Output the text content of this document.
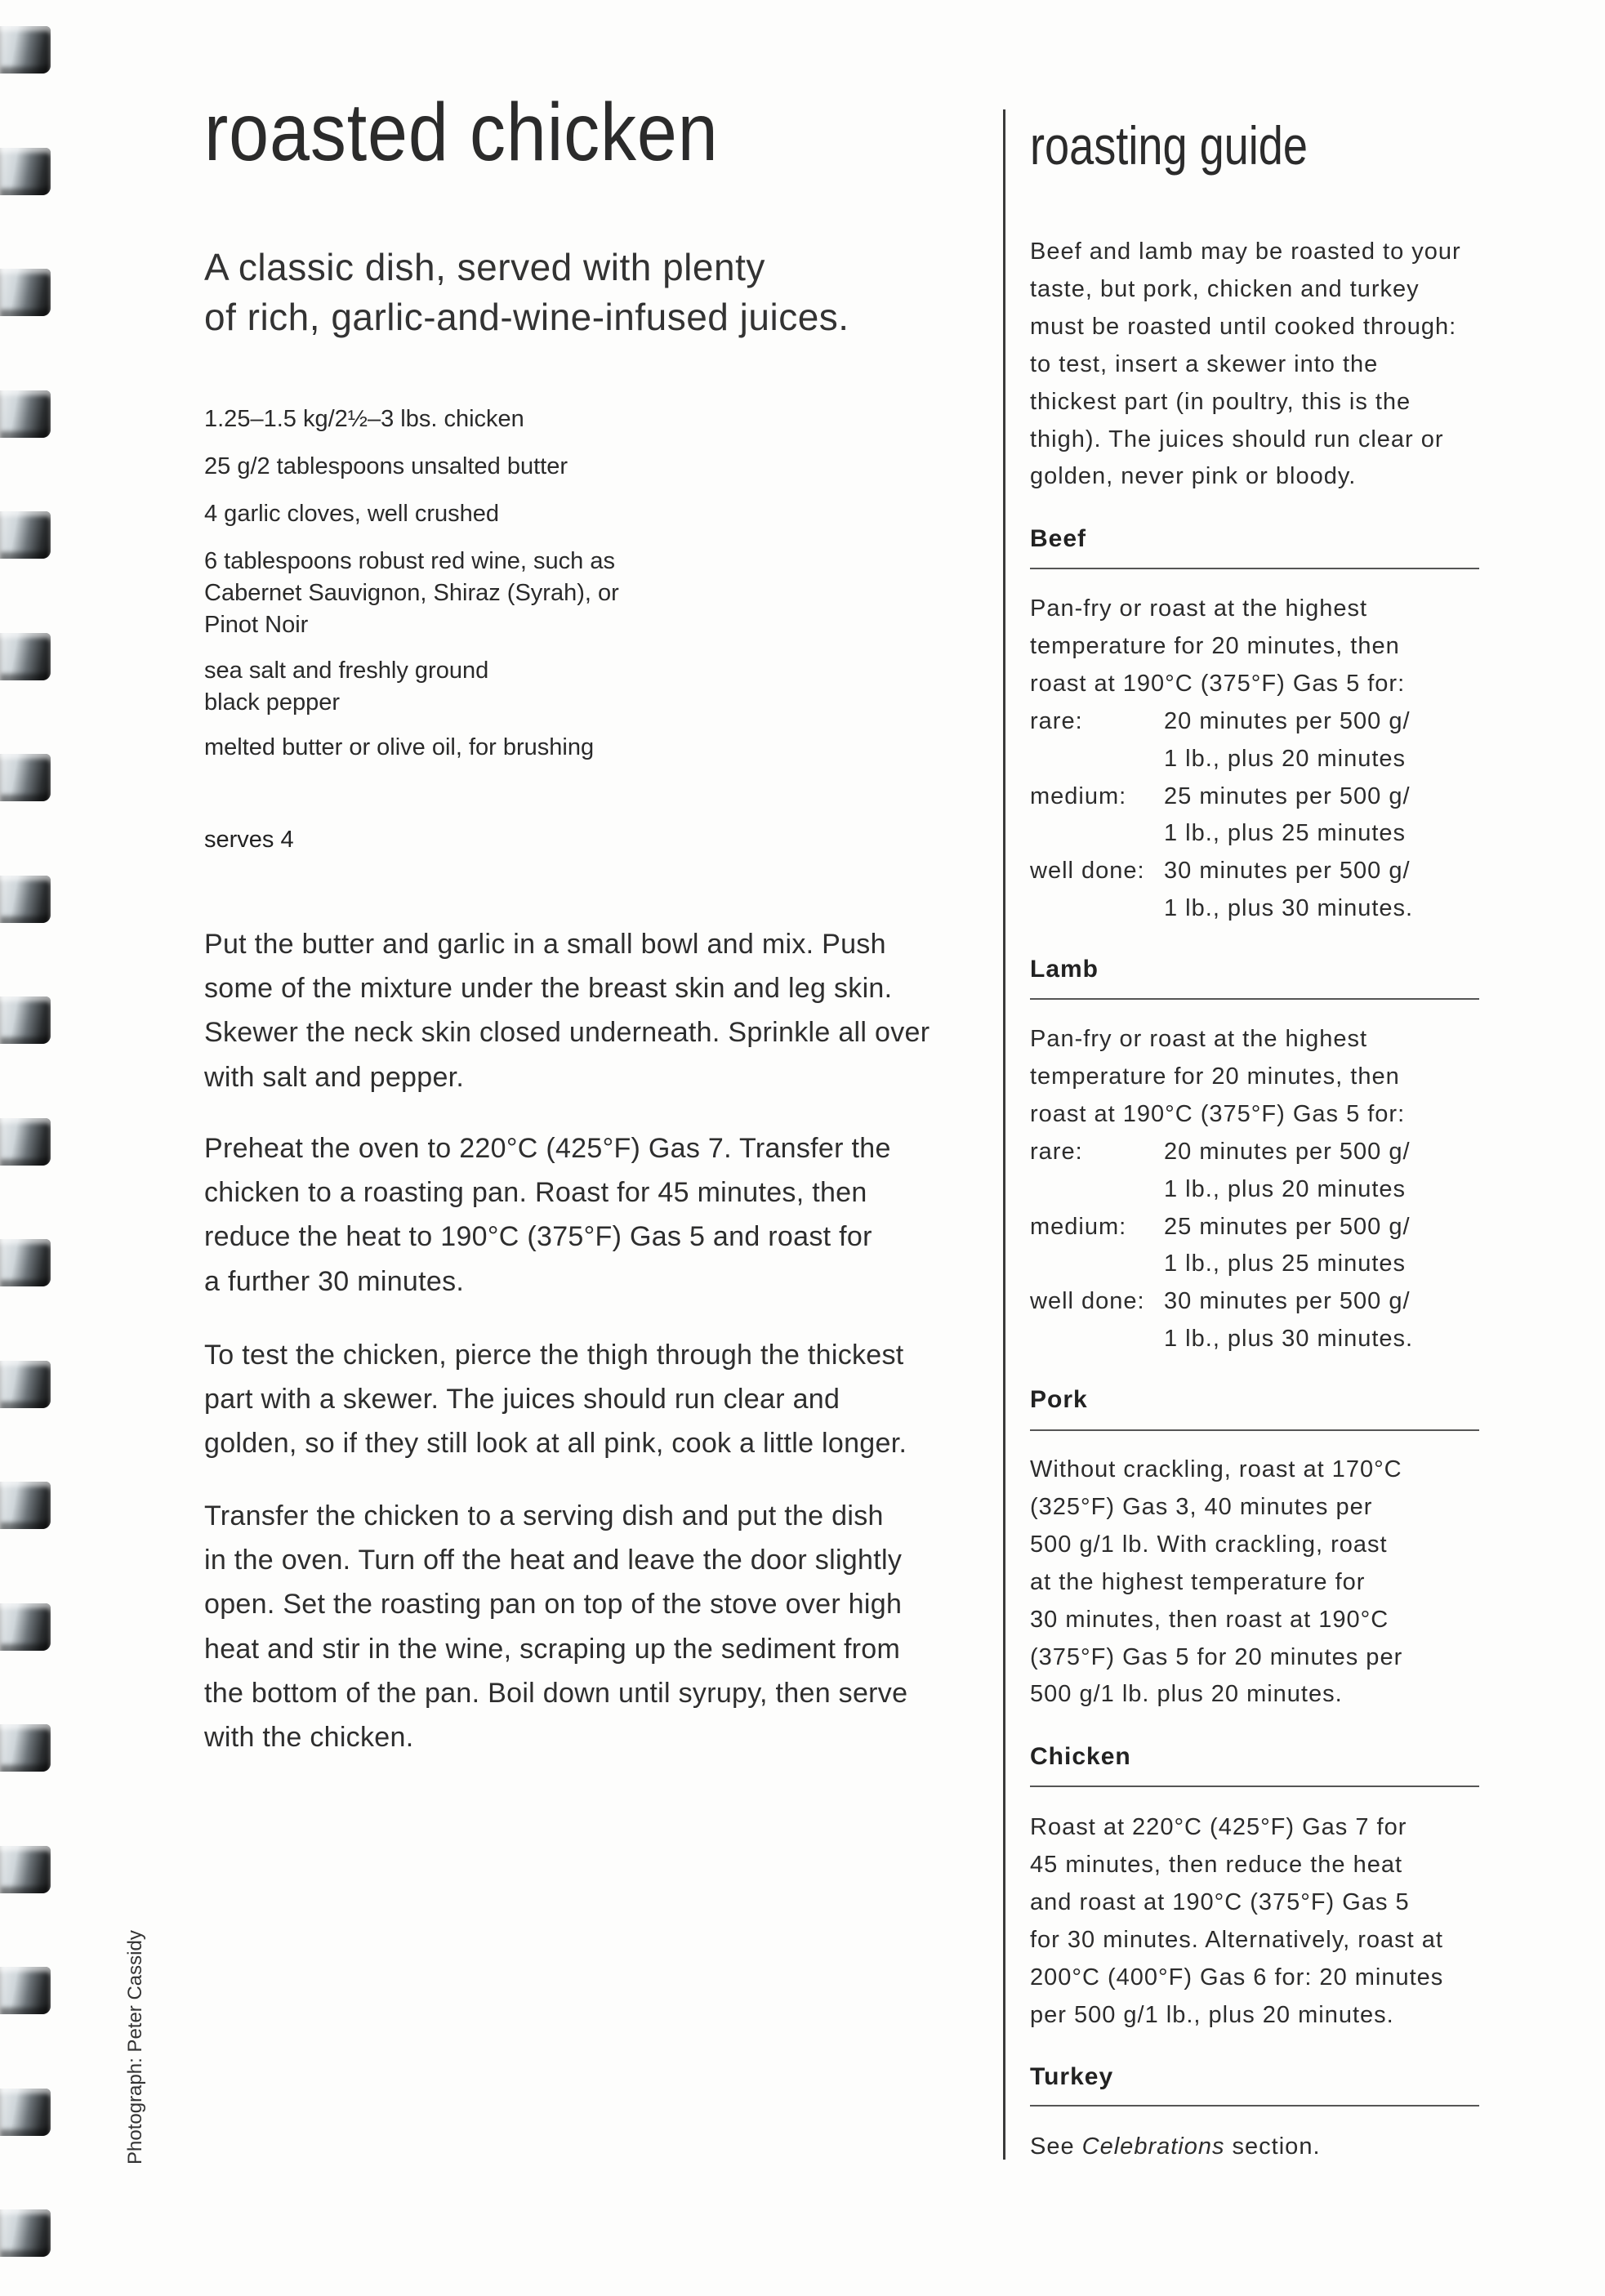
roasted chicken
A classic dish, served with plenty
of rich, garlic-and-wine-infused juices.
1.25–1.5 kg/2½–3 lbs. chicken
25 g/2 tablespoons unsalted butter
4 garlic cloves, well crushed
6 tablespoons robust red wine, such as
Cabernet Sauvignon, Shiraz (Syrah), or
Pinot Noir
sea salt and freshly ground
black pepper
melted butter or olive oil, for brushing
serves 4
Put the butter and garlic in a small bowl and mix. Push
some of the mixture under the breast skin and leg skin.
Skewer the neck skin closed underneath. Sprinkle all over
with salt and pepper.
Preheat the oven to 220°C (425°F) Gas 7. Transfer the
chicken to a roasting pan. Roast for 45 minutes, then
reduce the heat to 190°C (375°F) Gas 5 and roast for
a further 30 minutes.
To test the chicken, pierce the thigh through the thickest
part with a skewer. The juices should run clear and
golden, so if they still look at all pink, cook a little longer.
Transfer the chicken to a serving dish and put the dish
in the oven. Turn off the heat and leave the door slightly
open. Set the roasting pan on top of the stove over high
heat and stir in the wine, scraping up the sediment from
the bottom of the pan. Boil down until syrupy, then serve
with the chicken.
roasting guide
Beef and lamb may be roasted to your
taste, but pork, chicken and turkey
must be roasted until cooked through:
to test, insert a skewer into the
thickest part (in poultry, this is the
thigh). The juices should run clear or
golden, never pink or bloody.
Beef
Pan-fry or roast at the highest
temperature for 20 minutes, then
roast at 190°C (375°F) Gas 5 for:
rare:	20 minutes per 500 g/
1 lb., plus 20 minutes
medium:	25 minutes per 500 g/
1 lb., plus 25 minutes
well done: 30 minutes per 500 g/
1 lb., plus 30 minutes.
Lamb
Pan-fry or roast at the highest
temperature for 20 minutes, then
roast at 190°C (375°F) Gas 5 for:
rare:	20 minutes per 500 g/
1 lb., plus 20 minutes
medium:	25 minutes per 500 g/
1 lb., plus 25 minutes
well done: 30 minutes per 500 g/
1 lb., plus 30 minutes.
Pork
Without crackling, roast at 170°C
(325°F) Gas 3, 40 minutes per
500 g/1 lb. With crackling, roast
at the highest temperature for
30 minutes, then roast at 190°C
(375°F) Gas 5 for 20 minutes per
500 g/1 lb. plus 20 minutes.
Chicken
Roast at 220°C (425°F) Gas 7 for
45 minutes, then reduce the heat
and roast at 190°C (375°F) Gas 5
for 30 minutes. Alternatively, roast at
200°C (400°F) Gas 6 for: 20 minutes
per 500 g/1 lb., plus 20 minutes.
Turkey
See Celebrations section.
Photograph: Peter Cassidy
